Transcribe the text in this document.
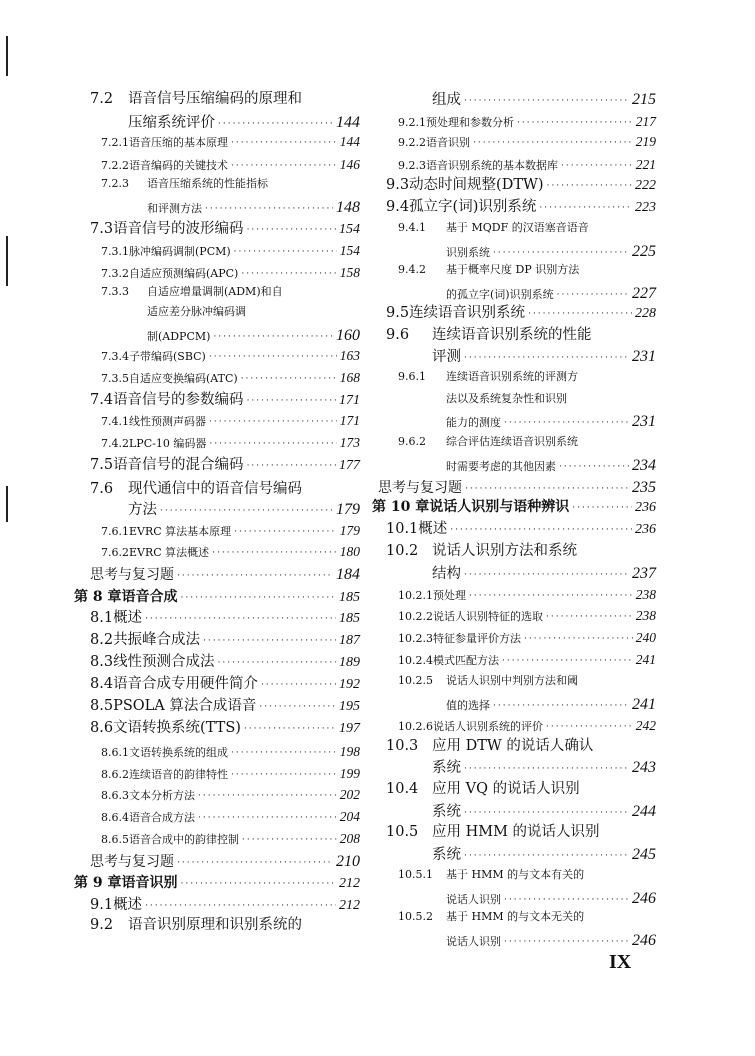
7.2	语音信号压缩编码的原理和
压缩系统评价 ·····	144
7.2.1 语音压缩的基本原理 ·····	144
7.2.2 语音编码的关键技术 ·····	146
7.2.3	语音压缩系统的性能指标
和评测方法 ·····	148
7.3 语音信号的波形编码 ·····	154
7.3.1 脉冲编码调制(PCM) ·····	154
7.3.2 自适应预测编码(APC) ·····	158
7.3.3	自适应增量调制(ADM)和自
适应差分脉冲编码调
制(ADPCM) ·····	160
7.3.4 子带编码(SBC) ·····	163
7.3.5 自适应变换编码(ATC) ·····	168
7.4 语音信号的参数编码 ·····	171
7.4.1 线性预测声码器 ·····	171
7.4.2 LPC-10 编码器 ·····	173
7.5 语音信号的混合编码 ·····	177
7.6	现代通信中的语音信号编码
方法 ·····	179
7.6.1 EVRC 算法基本原理 ·····	179
7.6.2 EVRC 算法概述 ·····	180
思考与复习题 ·····	184
第 8 章 语音合成 ·····	185
8.1 概述 ·····	185
8.2 共振峰合成法 ·····	187
8.3 线性预测合成法 ·····	189
8.4 语音合成专用硬件简介 ·····	192
8.5 PSOLA 算法合成语音 ·····	195
8.6 文语转换系统(TTS) ·····	197
8.6.1 文语转换系统的组成 ·····	198
8.6.2 连续语音的韵律特性 ·····	199
8.6.3 文本分析方法 ·····	202
8.6.4 语音合成方法 ·····	204
8.6.5 语音合成中的韵律控制 ·····	208
思考与复习题 ·····	210
第 9 章 语音识别 ·····	212
9.1 概述 ·····	212
9.2	语音识别原理和识别系统的
组成 ·····	215
9.2.1 预处理和参数分析 ·····	217
9.2.2 语音识别 ·····	219
9.2.3 语音识别系统的基本数据库 ·····	221
9.3 动态时间规整(DTW) ·····	222
9.4 孤立字(词)识别系统 ·····	223
9.4.1	基于 MQDF 的汉语塞音语音
识别系统 ·····	225
9.4.2	基于概率尺度 DP 识别方法
的孤立字(词)识别系统 ·····	227
9.5 连续语音识别系统 ·····	228
9.6	连续语音识别系统的性能
评测 ·····	231
9.6.1	连续语音识别系统的评测方
法以及系统复杂性和识别
能力的测度 ·····	231
9.6.2	综合评估连续语音识别系统
时需要考虑的其他因素 ·····	234
思考与复习题 ·····	235
第 10 章 说话人识别与语种辨识 ·····	236
10.1 概述 ·····	236
10.2 说话人识别方法和系统
结构 ·····	237
10.2.1 预处理 ·····	238
10.2.2 说话人识别特征的选取 ·····	238
10.2.3 特征参量评价方法 ·····	240
10.2.4 模式匹配方法 ·····	241
10.2.5	说话人识别中判别方法和阈
值的选择 ·····	241
10.2.6 说话人识别系统的评价 ·····	242
10.3 应用 DTW 的说话人确认
系统 ·····	243
10.4 应用 VQ 的说话人识别
系统 ·····	244
10.5 应用 HMM 的说话人识别
系统 ·····	245
10.5.1	基于 HMM 的与文本有关的
说话人识别 ·····	246
10.5.2	基于 HMM 的与文本无关的
说话人识别 ·····	246
IX
